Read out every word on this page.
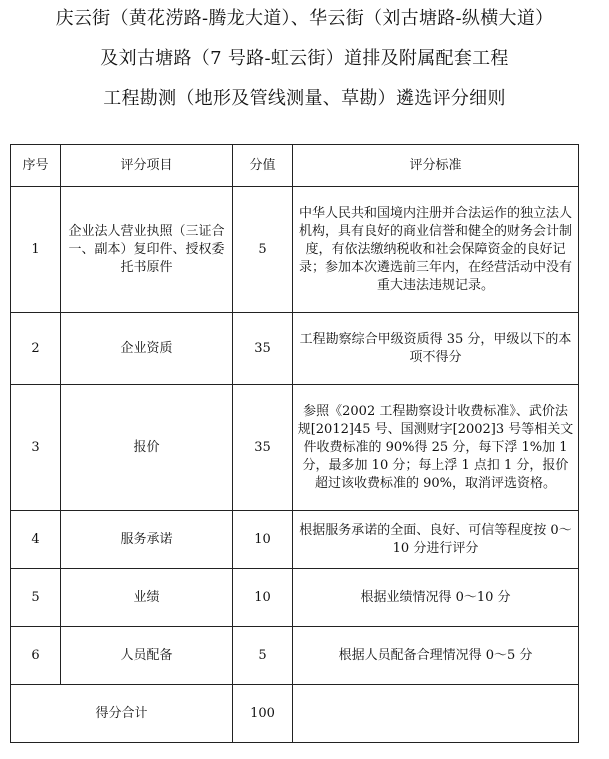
庆云街（黄花涝路-腾龙大道）、华云街（刘古塘路-纵横大道）
及刘古塘路（7 号路-虹云街）道排及附属配套工程
工程勘测（地形及管线测量、草勘）遴选评分细则
序号	评分项目	分值	评分标准
1	企业法人营业执照（三证合一、副本）复印件、授权委托书原件	5	中华人民共和国境内注册并合法运作的独立法人机构，具有良好的商业信誉和健全的财务会计制度，有依法缴纳税收和社会保障资金的良好记录；参加本次遴选前三年内，在经营活动中没有重大违法违规记录。
2	企业资质	35	工程勘察综合甲级资质得 35 分，甲级以下的本项不得分
3	报价	35	参照《2002 工程勘察设计收费标准》、武价法规[2012]45 号、国测财字[2002]3 号等相关文件收费标准的 90%得 25 分，每下浮 1%加 1 分，最多加 10 分；每上浮 1 点扣 1 分，报价超过该收费标准的 90%，取消评选资格。
4	服务承诺	10	根据服务承诺的全面、良好、可信等程度按 0～10 分进行评分
5	业绩	10	根据业绩情况得 0～10 分
6	人员配备	5	根据人员配备合理情况得 0～5 分
得分合计		100	
